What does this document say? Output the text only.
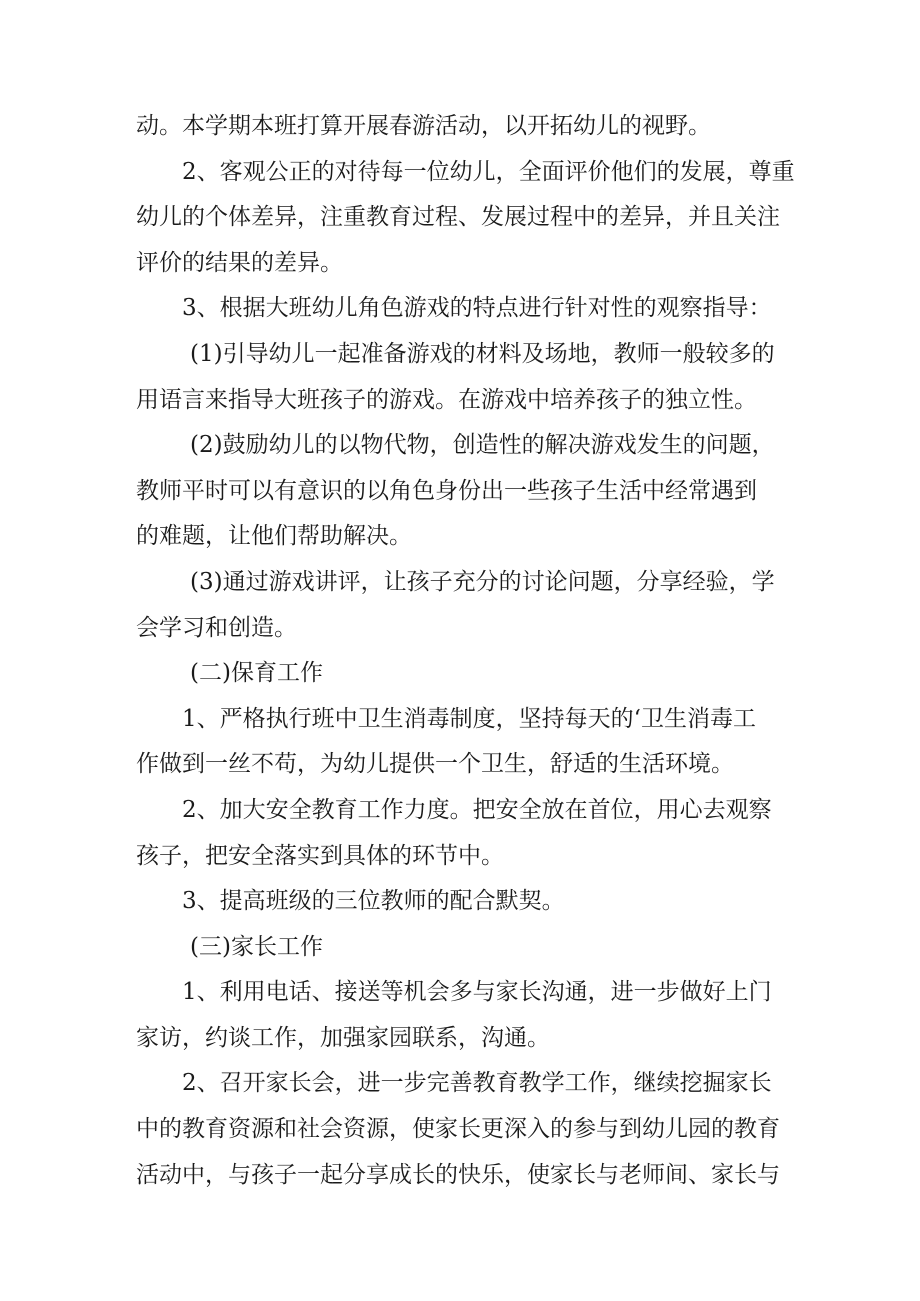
动。本学期本班打算开展春游活动，以开拓幼儿的视野。
2、客观公正的对待每一位幼儿，全面评价他们的发展，尊重
幼儿的个体差异，注重教育过程、发展过程中的差异，并且关注
评价的结果的差异。
3、根据大班幼儿角色游戏的特点进行针对性的观察指导：
(1)引导幼儿一起准备游戏的材料及场地，教师一般较多的
用语言来指导大班孩子的游戏。在游戏中培养孩子的独立性。
(2)鼓励幼儿的以物代物，创造性的解决游戏发生的问题，
教师平时可以有意识的以角色身份出一些孩子生活中经常遇到
的难题，让他们帮助解决。
(3)通过游戏讲评，让孩子充分的讨论问题，分享经验，学
会学习和创造。
(二)保育工作
1、严格执行班中卫生消毒制度，坚持每天的‘卫生消毒工
作做到一丝不苟，为幼儿提供一个卫生，舒适的生活环境。
2、加大安全教育工作力度。把安全放在首位，用心去观察
孩子，把安全落实到具体的环节中。
3、提高班级的三位教师的配合默契。
(三)家长工作
1、利用电话、接送等机会多与家长沟通，进一步做好上门
家访，约谈工作，加强家园联系，沟通。
2、召开家长会，进一步完善教育教学工作，继续挖掘家长
中的教育资源和社会资源，使家长更深入的参与到幼儿园的教育
活动中，与孩子一起分享成长的快乐，使家长与老师间、家长与
